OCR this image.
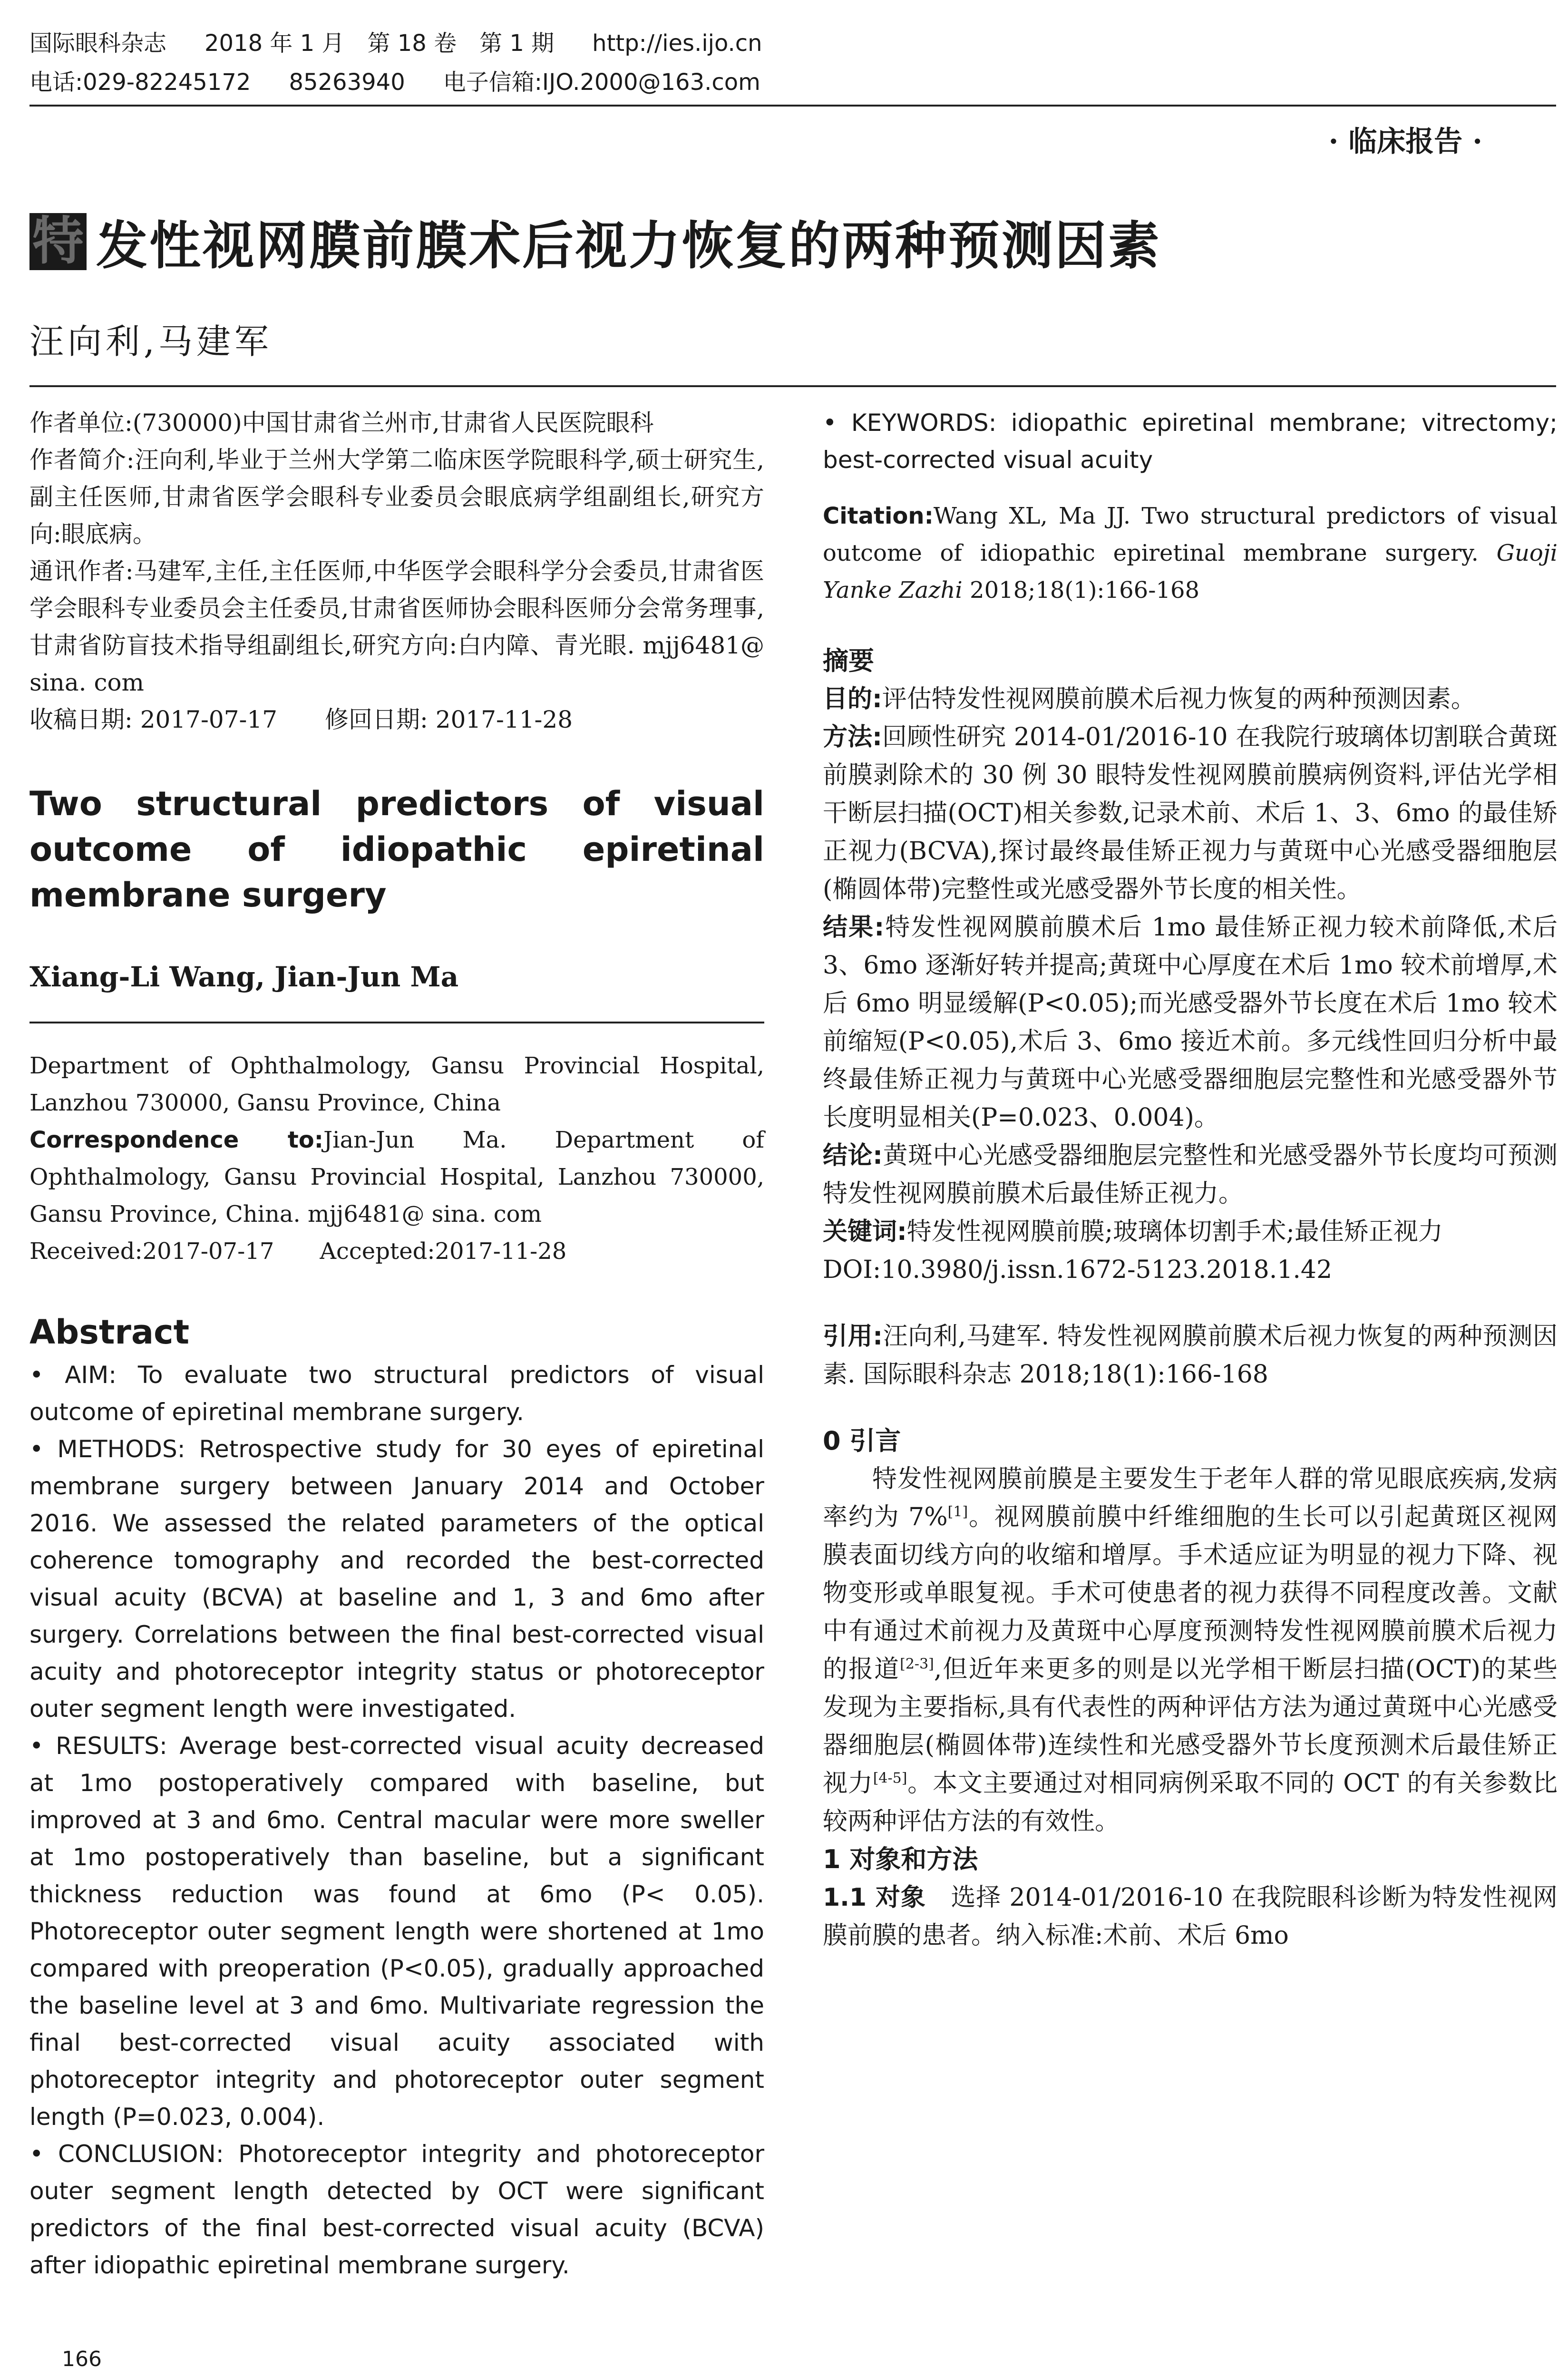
国际眼科杂志 2018 年 1 月　第 18 卷　第 1 期 http://ies.ijo.cn
电话:029-82245172 85263940 电子信箱:IJO.2000@163.com
· 临床报告 ·
特 发性视网膜前膜术后视力恢复的两种预测因素
汪向利,马建军

作者单位:(730000)中国甘肃省兰州市,甘肃省人民医院眼科

作者简介:汪向利,毕业于兰州大学第二临床医学院眼科学,硕士研究生,副主任医师,甘肃省医学会眼科专业委员会眼底病学组副组长,研究方向:眼底病。

通讯作者:马建军,主任,主任医师,中华医学会眼科学分会委员,甘肃省医学会眼科专业委员会主任委员,甘肃省医师协会眼科医师分会常务理事,甘肃省防盲技术指导组副组长,研究方向:白内障、青光眼. mjj6481@ sina. com

收稿日期: 2017-07-17　　修回日期: 2017-11-28

Two structural predictors of visual outcome of idiopathic epiretinal membrane surgery
Xiang-Li Wang, Jian-Jun Ma

Department of Ophthalmology, Gansu Provincial Hospital, Lanzhou 730000, Gansu Province, China

Correspondence to:Jian-Jun Ma. Department of Ophthalmology, Gansu Provincial Hospital, Lanzhou 730000, Gansu Province, China. mjj6481@ sina. com

Received:2017-07-17　　Accepted:2017-11-28

Abstract

• AIM: To evaluate two structural predictors of visual outcome of epiretinal membrane surgery.

• METHODS: Retrospective study for 30 eyes of epiretinal membrane surgery between January 2014 and October 2016. We assessed the related parameters of the optical coherence tomography and recorded the best-corrected visual acuity (BCVA) at baseline and 1, 3 and 6mo after surgery. Correlations between the final best-corrected visual acuity and photoreceptor integrity status or photoreceptor outer segment length were investigated.

• RESULTS: Average best-corrected visual acuity decreased at 1mo postoperatively compared with baseline, but improved at 3 and 6mo. Central macular were more sweller at 1mo postoperatively than baseline, but a significant thickness reduction was found at 6mo (P< 0.05). Photoreceptor outer segment length were shortened at 1mo compared with preoperation (P<0.05), gradually approached the baseline level at 3 and 6mo. Multivariate regression the final best-corrected visual acuity associated with photoreceptor integrity and photoreceptor outer segment length (P=0.023, 0.004).

• CONCLUSION: Photoreceptor integrity and photoreceptor outer segment length detected by OCT were significant predictors of the final best-corrected visual acuity (BCVA) after idiopathic epiretinal membrane surgery.

• KEYWORDS: idiopathic epiretinal membrane; vitrectomy; best-corrected visual acuity

Citation:Wang XL, Ma JJ. Two structural predictors of visual outcome of idiopathic epiretinal membrane surgery. Guoji Yanke Zazhi 2018;18(1):166-168

摘要

目的:评估特发性视网膜前膜术后视力恢复的两种预测因素。

方法:回顾性研究 2014-01/2016-10 在我院行玻璃体切割联合黄斑前膜剥除术的 30 例 30 眼特发性视网膜前膜病例资料,评估光学相干断层扫描(OCT)相关参数,记录术前、术后 1、3、6mo 的最佳矫正视力(BCVA),探讨最终最佳矫正视力与黄斑中心光感受器细胞层(椭圆体带)完整性或光感受器外节长度的相关性。

结果:特发性视网膜前膜术后 1mo 最佳矫正视力较术前降低,术后 3、6mo 逐渐好转并提高;黄斑中心厚度在术后 1mo 较术前增厚,术后 6mo 明显缓解(P<0.05);而光感受器外节长度在术后 1mo 较术前缩短(P<0.05),术后 3、6mo 接近术前。多元线性回归分析中最终最佳矫正视力与黄斑中心光感受器细胞层完整性和光感受器外节长度明显相关(P=0.023、0.004)。

结论:黄斑中心光感受器细胞层完整性和光感受器外节长度均可预测特发性视网膜前膜术后最佳矫正视力。

关键词:特发性视网膜前膜;玻璃体切割手术;最佳矫正视力

DOI:10.3980/j.issn.1672-5123.2018.1.42

引用:汪向利,马建军. 特发性视网膜前膜术后视力恢复的两种预测因素. 国际眼科杂志 2018;18(1):166-168

0 引言

特发性视网膜前膜是主要发生于老年人群的常见眼底疾病,发病率约为 7%[1]。视网膜前膜中纤维细胞的生长可以引起黄斑区视网膜表面切线方向的收缩和增厚。手术适应证为明显的视力下降、视物变形或单眼复视。手术可使患者的视力获得不同程度改善。文献中有通过术前视力及黄斑中心厚度预测特发性视网膜前膜术后视力的报道[2-3],但近年来更多的则是以光学相干断层扫描(OCT)的某些发现为主要指标,具有代表性的两种评估方法为通过黄斑中心光感受器细胞层(椭圆体带)连续性和光感受器外节长度预测术后最佳矫正视力[4-5]。本文主要通过对相同病例采取不同的 OCT 的有关参数比较两种评估方法的有效性。

1 对象和方法

1.1 对象　 选择 2014-01/2016-10 在我院眼科诊断为特发性视网膜前膜的患者。纳入标准:术前、术后 6mo

166
